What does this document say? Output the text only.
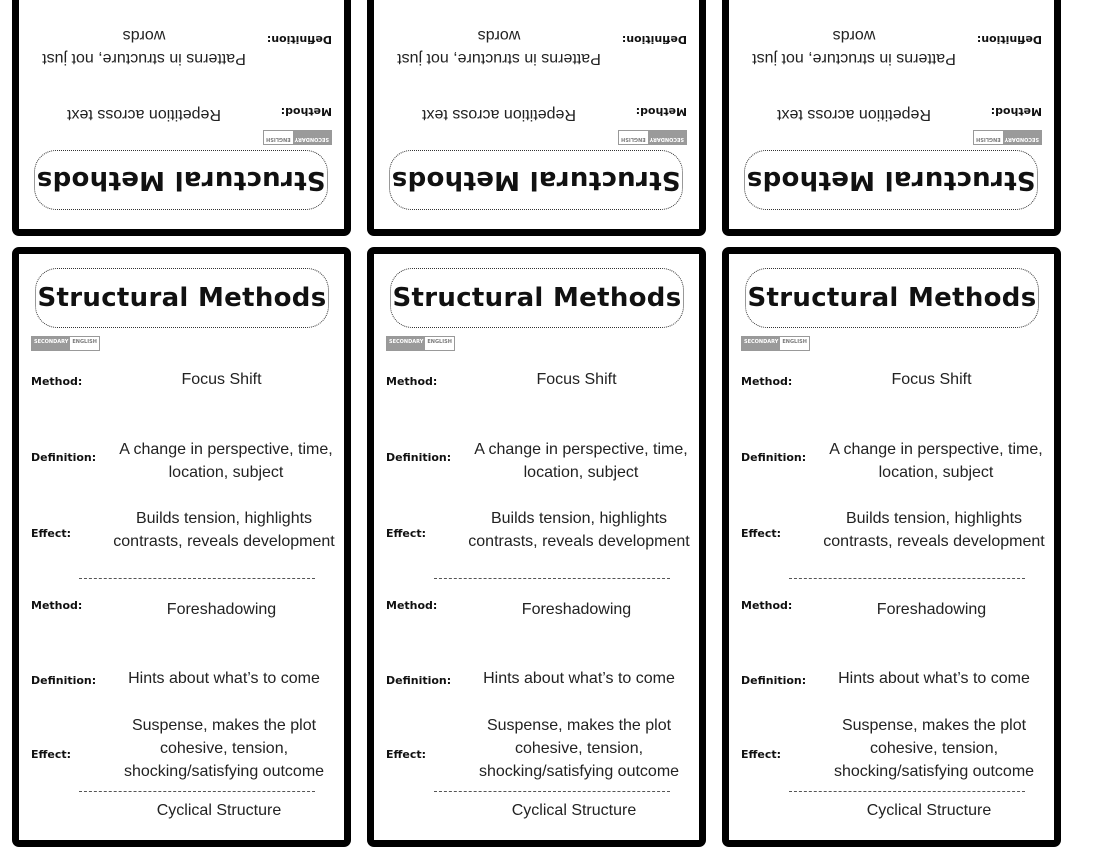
Structural Methods
SECONDARY
ENGLISH
Method:
Repetition across text
Definition:
Patterns in structure, not just words
Structural Methods
SECONDARY
ENGLISH
Method:
Repetition across text
Definition:
Patterns in structure, not just words
Structural Methods
SECONDARY
ENGLISH
Method:
Repetition across text
Definition:
Patterns in structure, not just words
Structural Methods
SECONDARY ENGLISH
Method:	Focus Shift
Definition:	A change in perspective, time, location, subject
Effect:
Builds tension, highlights contrasts, reveals development
Method:	Foreshadowing
Definition:	Hints about what’s to come
Effect:
Suspense, makes the plot cohesive, tension, shocking/satisfying outcome
Cyclical Structure
Structural Methods
SECONDARY ENGLISH
Method:	Focus Shift
Definition:	A change in perspective, time, location, subject
Effect:
Builds tension, highlights contrasts, reveals development
Method:	Foreshadowing
Definition:	Hints about what’s to come
Effect:
Suspense, makes the plot cohesive, tension, shocking/satisfying outcome
Cyclical Structure
Structural Methods
SECONDARY ENGLISH
Method:	Focus Shift
Definition:	A change in perspective, time, location, subject
Effect:
Builds tension, highlights contrasts, reveals development
Method:	Foreshadowing
Definition:	Hints about what’s to come
Effect:
Suspense, makes the plot cohesive, tension, shocking/satisfying outcome
Cyclical Structure
